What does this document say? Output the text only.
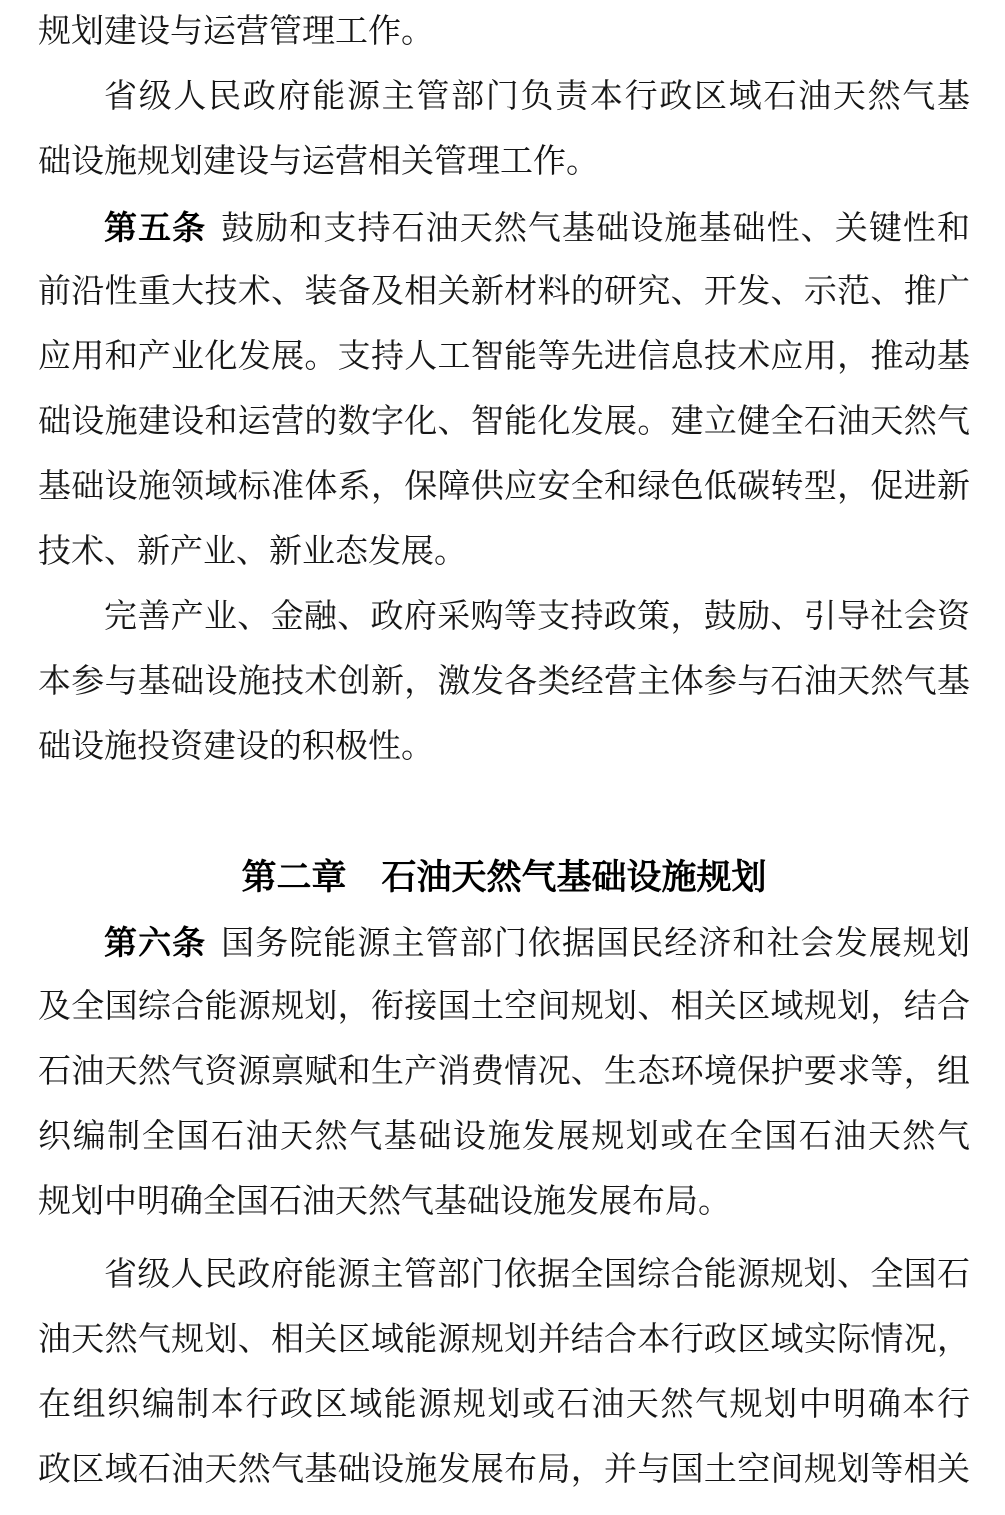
规划建设与运营管理工作。
省级人民政府能源主管部门负责本行政区域石油天然气基
础设施规划建设与运营相关管理工作。
第五条 鼓励和支持石油天然气基础设施基础性、关键性和
前沿性重大技术、装备及相关新材料的研究、开发、示范、推广
应用和产业化发展。支持人工智能等先进信息技术应用，推动基
础设施建设和运营的数字化、智能化发展。建立健全石油天然气
基础设施领域标准体系，保障供应安全和绿色低碳转型，促进新
技术、新产业、新业态发展。
完善产业、金融、政府采购等支持政策，鼓励、引导社会资
本参与基础设施技术创新，激发各类经营主体参与石油天然气基
础设施投资建设的积极性。
第二章　石油天然气基础设施规划
第六条 国务院能源主管部门依据国民经济和社会发展规划
及全国综合能源规划，衔接国土空间规划、相关区域规划，结合
石油天然气资源禀赋和生产消费情况、生态环境保护要求等，组
织编制全国石油天然气基础设施发展规划或在全国石油天然气
规划中明确全国石油天然气基础设施发展布局。
省级人民政府能源主管部门依据全国综合能源规划、全国石
油天然气规划、相关区域能源规划并结合本行政区域实际情况，
在组织编制本行政区域能源规划或石油天然气规划中明确本行
政区域石油天然气基础设施发展布局，并与国土空间规划等相关
